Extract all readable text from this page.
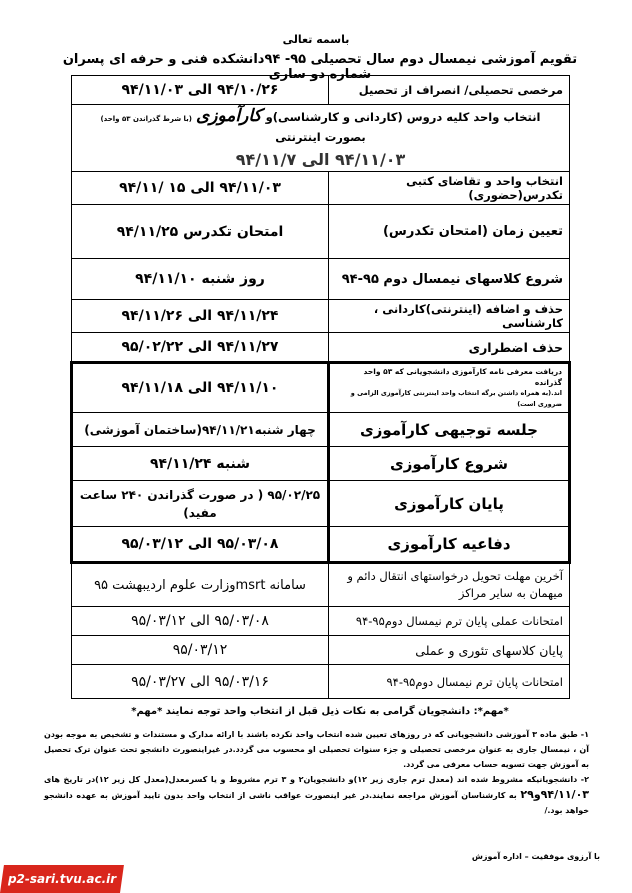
باسمه تعالی
تقویم آموزشی نیمسال دوم سال تحصیلی ۹۵- ۹۴دانشکده فنی و حرفه ای پسران شماره دو ساری
مرخصی تحصیلی/ انصراف از تحصیل	۹۴/۱۰/۲۶ الی ۹۴/۱۱/۰۳

انتخاب واحد کلیه دروس (کاردانی و کارشناسی)و کارآموزی (با شرط گذراندن ۵۳ واحد) بصورت اینترنتی
۹۴/۱۱/۰۳ الی ۹۴/۱۱/۷	

انتخاب واحد و تقاضای کتبی تکدرس(حضوری)	۹۴/۱۱/۰۳ الی ۱۵ /۹۴/۱۱
تعیین زمان (امتحان تکدرس)	امتحان تکدرس ۹۴/۱۱/۲۵
شروع کلاسهای نیمسال دوم ۹۵-۹۴	روز شنبه ۹۴/۱۱/۱۰
حذف و اضافه (اینترنتی)کاردانی ، کارشناسی	۹۴/۱۱/۲۴ الی ۹۴/۱۱/۲۶
حذف اضطراری	۹۴/۱۱/۲۷ الی ۹۵/۰۲/۲۲

دریافت معرفی نامه کارآموزی دانشجویانی که ۵۳ واحد گذرانده
اند.(به همراه داشتن برگه انتخاب واحد اینترنتی کارآموزی الزامی و ضروری است)	۹۴/۱۱/۱۰ الی ۹۴/۱۱/۱۸
جلسه توجیهی کارآموزی	چهار شنبه۹۴/۱۱/۲۱(ساختمان آموزشی)
شروع کارآموزی	شنبه ۹۴/۱۱/۲۴
پایان کارآموزی	۹۵/۰۲/۲۵ ( در صورت گذراندن ۲۴۰ ساعت مفید)
دفاعیه کارآموزی	۹۵/۰۳/۰۸ الی ۹۵/۰۳/۱۲
آخرین مهلت تحویل درخواستهای انتقال دائم و میهمان به سایر مراکز	سامانه msrtوزارت علوم اردیبهشت ۹۵
امتحانات عملی پایان ترم نیمسال دوم۹۵-۹۴	۹۵/۰۳/۰۸ الی ۹۵/۰۳/۱۲
پایان کلاسهای تئوری و عملی	۹۵/۰۳/۱۲
امتحانات پایان ترم نیمسال دوم۹۵-۹۴	۹۵/۰۳/۱۶ الی ۹۵/۰۳/۲۷
*مهم*: دانشجویان گرامی به نکات ذیل قبل از انتخاب واحد توجه نمایند *مهم*
۱- طبق ماده ۳ آموزشی دانشجویانی که در روزهای تعیین شده انتخاب واحد نکرده باشند با ارائه مدارک و مستندات و تشخیص به موجه بودن آن ، نیمسال جاری به عنوان مرخصی تحصیلی و جزء سنوات تحصیلی او محسوب می گردد.در غیراینصورت دانشجو تحت عنوان ترک تحصیل به آموزش جهت تسویه حساب معرفی می گردد.
۲- دانشجویانیکه مشروط شده اند (معدل ترم جاری زیر ۱۲)و دانشجویان۲ و ۳ ترم مشروط و یا کسرمعدل(معدل کل زیر ۱۲)در تاریخ های ۹۴/۱۱/۰۳و۲۹ به کارشناسان آموزش مراجعه نمایند.در غیر اینصورت عواقب ناشی از انتخاب واحد بدون تایید آموزش به عهده دانشجو خواهد بود./
با آرزوی موفقیت – اداره آموزش
p2-sari.tvu.ac.ir
